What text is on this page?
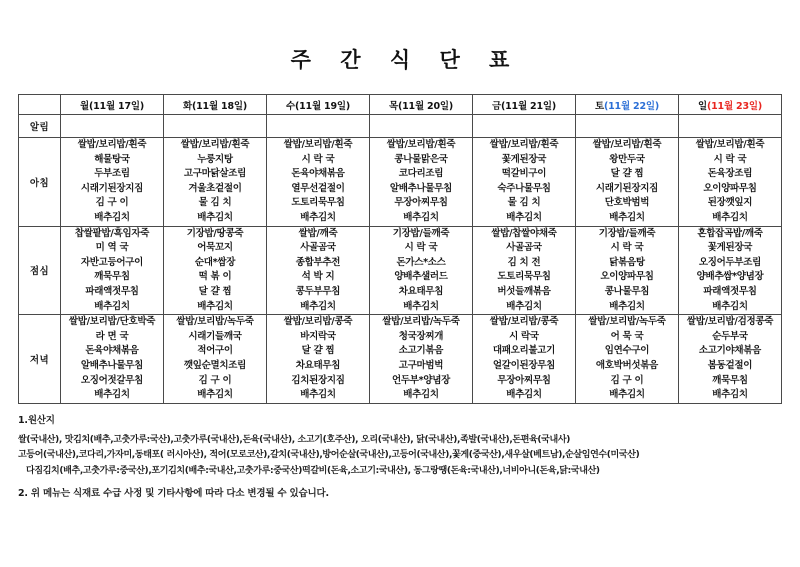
주 간 식 단 표
	월(11월 17일)	화(11월 18일)	수(11월 19일)	목(11월 20일)	금(11월 21일)	토(11월 22일)	일(11월 23일)
알림							
아침	
쌀밥/보리밥/흰죽
해물탕국
두부조림
시래기된장지짐
김 구 이
배추김치

쌀밥/보리밥/흰죽
누룽지탕
고구마닭살조림
겨울초겉절이
물 김 치
배추김치

쌀밥/보리밥/흰죽
시 락 국
돈육야채볶음
열무선겉절이
도토리묵무침
배추김치

쌀밥/보리밥/흰죽
콩나물맑은국
코다리조림
알배추나물무침
무장아찌무침
배추김치

쌀밥/보리밥/흰죽
꽃게된장국
떡갈비구이
숙주나물무침
물 김 치
배추김치

쌀밥/보리밥/흰죽
왕만두국
달 걀 찜
시래기된장지짐
단호박범벅
배추김치

쌀밥/보리밥/흰죽
시 락 국
돈육장조림
오이양파무침
된장깻잎지
배추김치

점심	
찹쌀팥밥/흑임자죽
미 역 국
자반고등어구이
깨묵무침
파래액젓무침
배추김치

기장밥/땅콩죽
어묵꼬지
순대*쌈장
떡 볶 이
달 걀 찜
배추김치

쌀밥/깨죽
사골곰국
종합부추전
석 박 지
콩두부무침
배추김치

기장밥/들깨죽
시 락 국
돈가스*소스
양배추샐러드
차요태무침
배추김치

쌀밥/찹쌀야채죽
사골곰국
김 치 전
도토리묵무침
버섯들깨볶음
배추김치

기장밥/들깨죽
시 락 국
닭볶음탕
오이양파무침
콩나물무침
배추김치

혼합잡곡밥/깨죽
꽃게된장국
오징어두부조림
양배추쌈*양념장
파래액젓무침
배추김치

저녁	
쌀밥/보리밥/단호박죽
라 면 국
돈육야채볶음
알배추나물무침
오징어젓갈무침
배추김치

쌀밥/보리밥/녹두죽
시래기들깨국
적어구이
깻잎순멸치조림
김 구 이
배추김치

쌀밥/보리밥/콩죽
바지락국
달 걀 찜
차요태무침
김치된장지짐
배추김치

쌀밥/보리밥/녹두죽
청국장찌개
소고기볶음
고구마범벅
언두부*양념장
배추김치

쌀밥/보리밥/콩죽
시 락국
대패오리불고기
얼갈이된장무침
무장아찌무침
배추김치

쌀밥/보리밥/녹두죽
어 묵 국
임연수구이
애호박버섯볶음
김 구 이
배추김치

쌀밥/보리밥/검정콩죽
순두부국
소고기야채볶음
봄동겉절이
깨묵무침
배추김치
1.원산지
쌀(국내산), 맛김치(배추,고춧가루:국산),고춧가루(국내산),돈육(국내산), 소고기(호주산), 오리(국내산), 닭(국내산),족발(국내산),돈편육(국내사)
고등어(국내산),코다리,가자미,동태포( 러시아산), 적어(모로코산),갈치(국내산),방어순살(국내산),고등어(국내산),꽃게(중국산),새우살(베트남),순살임연수(미국산)
다짐김치(배추,고춧가루:중국산),포기김치(배추:국내산,고춧가루:중국산)떡갈비(돈육,소고기:국내산), 동그랑땡(돈육:국내산),너비아니(돈육,닭:국내산)
2. 위 메뉴는 식재료 수급 사정 및 기타사항에 따라 다소 변경될 수 있습니다.
